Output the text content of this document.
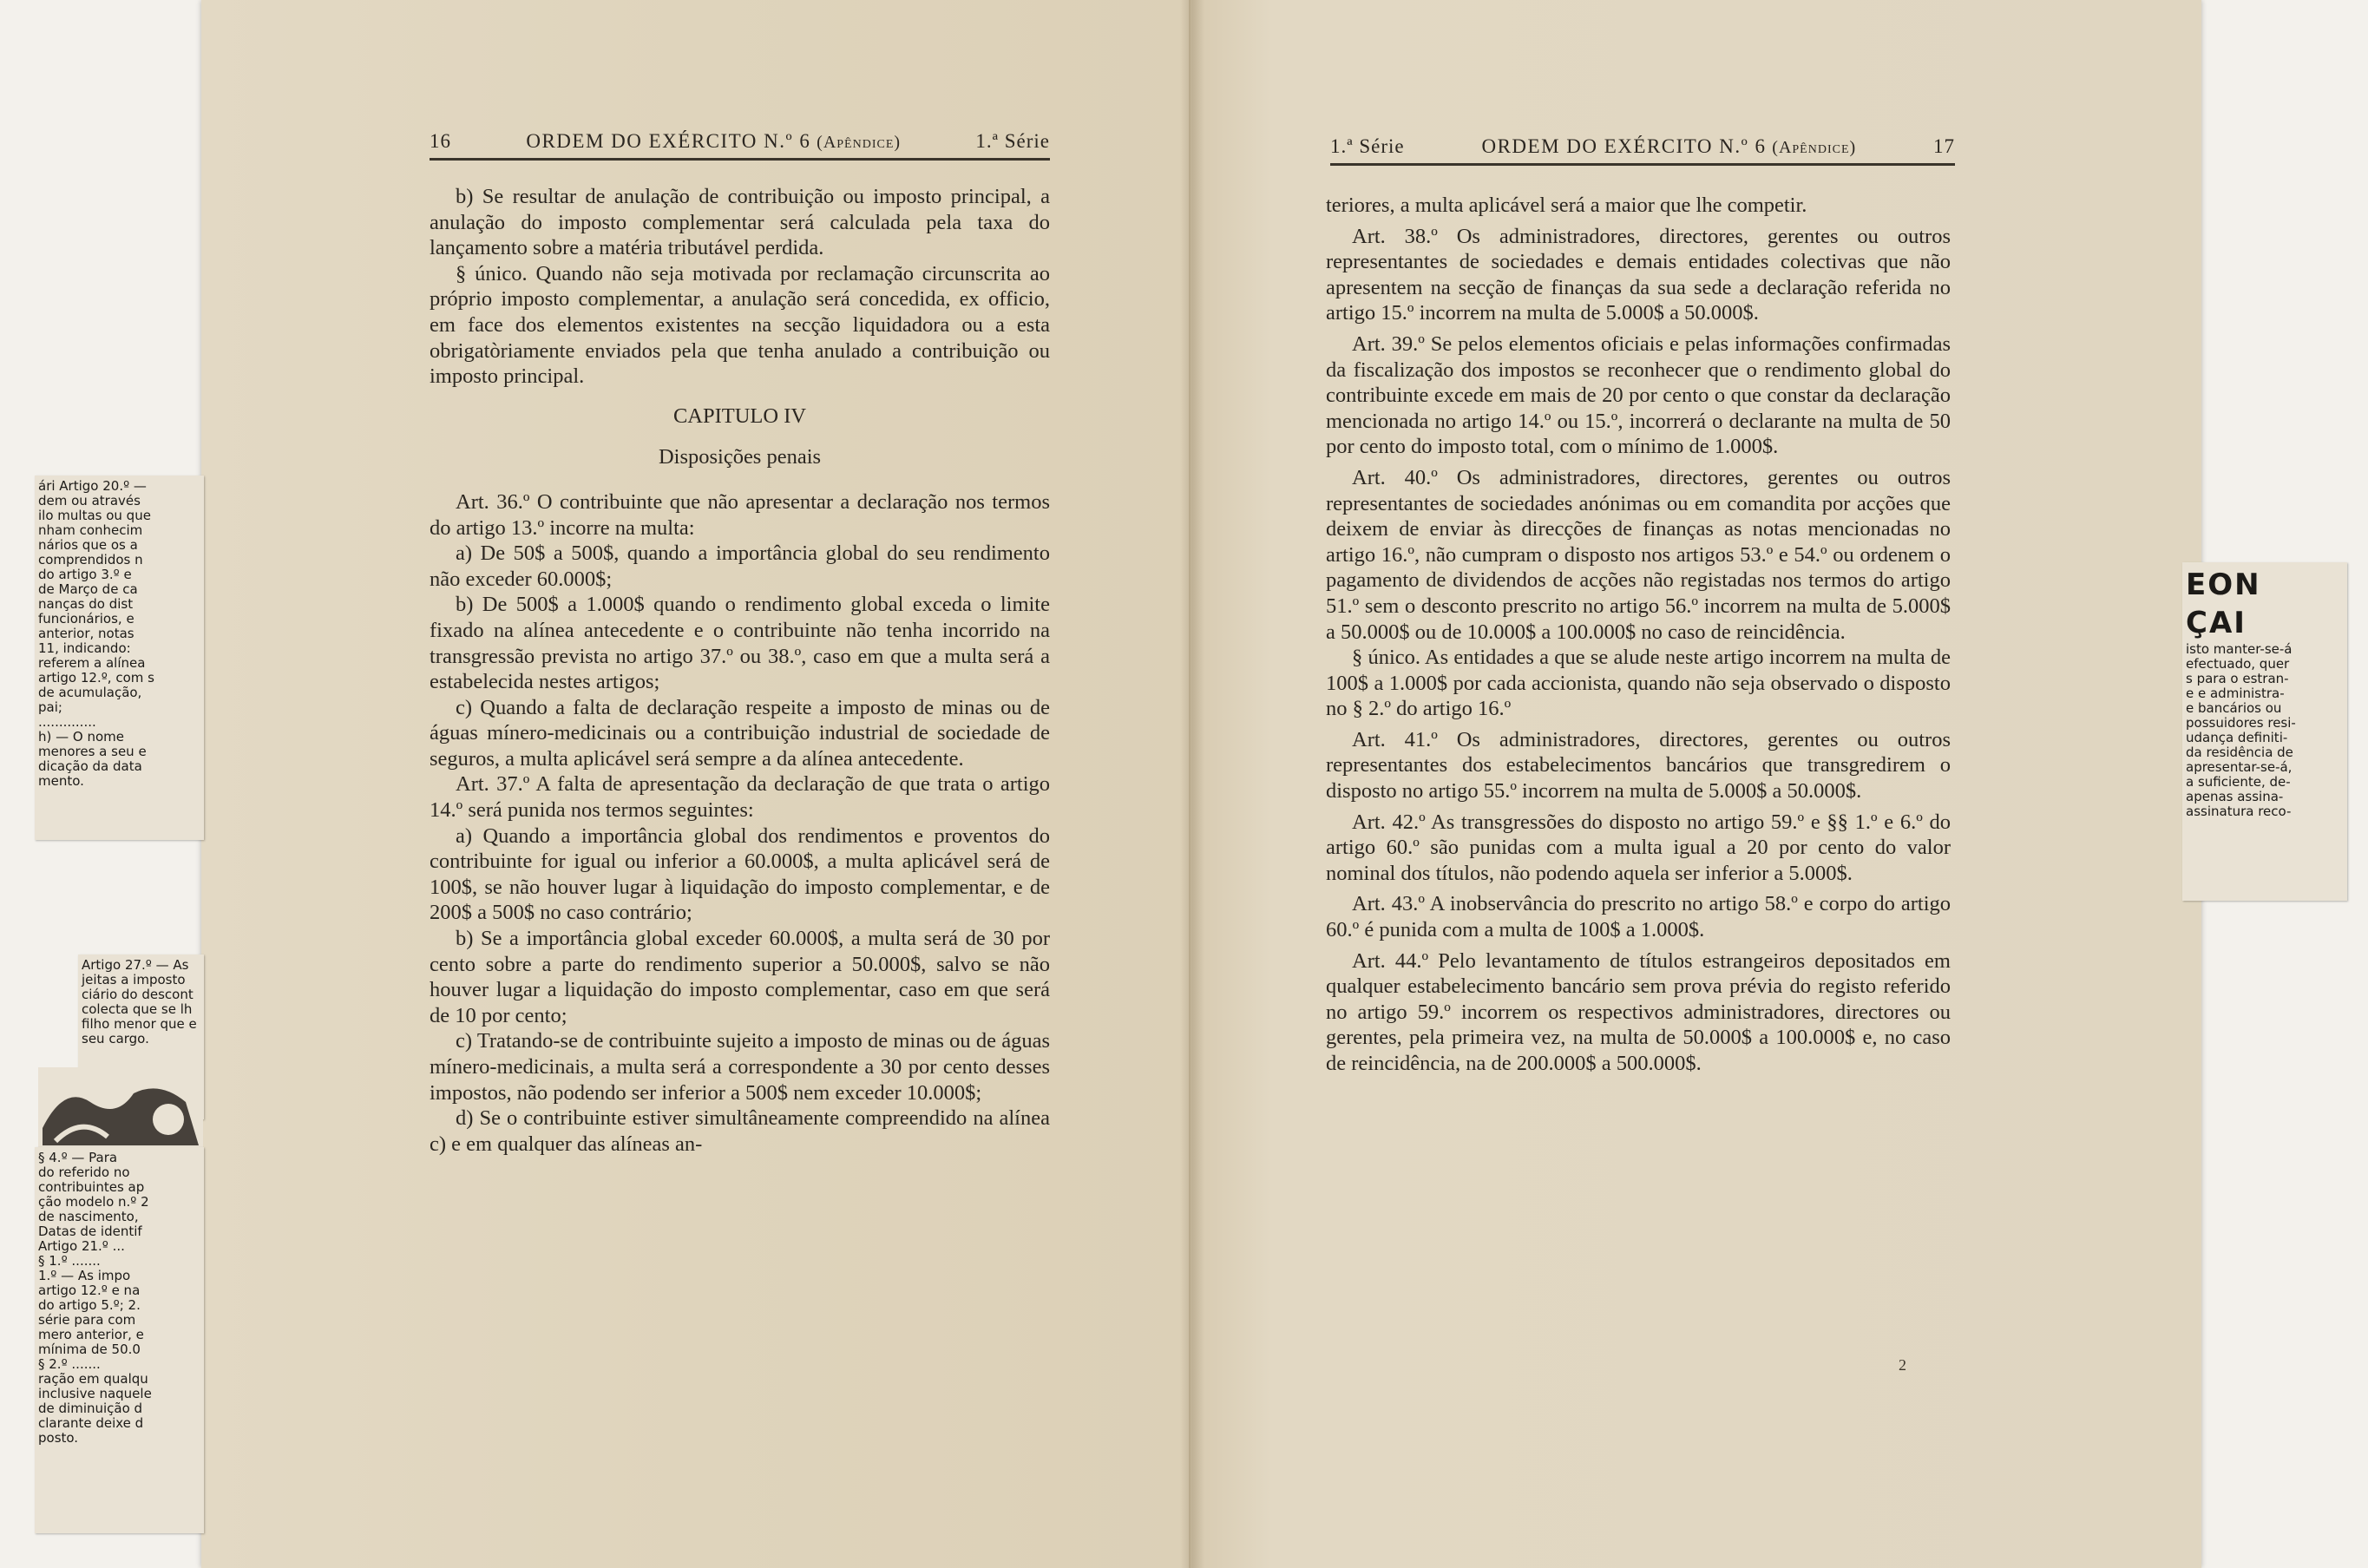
16	ORDEM DO EXÉRCITO N.º 6 (Apêndice)	1.ª Série

b) Se resultar de anulação de contribuição ou imposto principal, a anulação do imposto complementar será calculada pela taxa do lançamento sobre a matéria tributável perdida.

§ único. Quando não seja motivada por reclamação circunscrita ao próprio imposto complementar, a anulação será concedida, ex officio, em face dos elementos existentes na secção liquidadora ou a esta obrigatòriamente enviados pela que tenha anulado a contribuição ou imposto principal.

CAPITULO IV
Disposições penais

Art. 36.º O contribuinte que não apresentar a declaração nos termos do artigo 13.º incorre na multa:

a) De 50$ a 500$, quando a importância global do seu rendimento não exceder 60.000$;

b) De 500$ a 1.000$ quando o rendimento global exceda o limite fixado na alínea antecedente e o contribuinte não tenha incorrido na transgressão prevista no artigo 37.º ou 38.º, caso em que a multa será a estabelecida nestes artigos;

c) Quando a falta de declaração respeite a imposto de minas ou de águas mínero-medicinais ou a contribuição industrial de sociedade de seguros, a multa aplicável será sempre a da alínea antecedente.

Art. 37.º A falta de apresentação da declaração de que trata o artigo 14.º será punida nos termos seguintes:

a) Quando a importância global dos rendimentos e proventos do contribuinte for igual ou inferior a 60.000$, a multa aplicável será de 100$, se não houver lugar à liquidação do imposto complementar, e de 200$ a 500$ no caso contrário;

b) Se a importância global exceder 60.000$, a multa será de 30 por cento sobre a parte do rendimento superior a 50.000$, salvo se não houver lugar a liquidação do imposto complementar, caso em que será de 10 por cento;

c) Tratando-se de contribuinte sujeito a imposto de minas ou de águas mínero-medicinais, a multa será a correspondente a 30 por cento desses impostos, não podendo ser inferior a 500$ nem exceder 10.000$;

d) Se o contribuinte estiver simultâneamente compreendido na alínea c) e em qualquer das alíneas an-

1.ª Série	ORDEM DO EXÉRCITO N.º 6 (Apêndice)	17

teriores, a multa aplicável será a maior que lhe competir.

Art. 38.º Os administradores, directores, gerentes ou outros representantes de sociedades e demais entidades colectivas que não apresentem na secção de finanças da sua sede a declaração referida no artigo 15.º incorrem na multa de 5.000$ a 50.000$.

Art. 39.º Se pelos elementos oficiais e pelas informações confirmadas da fiscalização dos impostos se reconhecer que o rendimento global do contribuinte excede em mais de 20 por cento o que constar da declaração mencionada no artigo 14.º ou 15.º, incorrerá o declarante na multa de 50 por cento do imposto total, com o mínimo de 1.000$.

Art. 40.º Os administradores, directores, gerentes ou outros representantes de sociedades anónimas ou em comandita por acções que deixem de enviar às direcções de finanças as notas mencionadas no artigo 16.º, não cumpram o disposto nos artigos 53.º e 54.º ou ordenem o pagamento de dividendos de acções não registadas nos termos do artigo 51.º sem o desconto prescrito no artigo 56.º incorrem na multa de 5.000$ a 50.000$ ou de 10.000$ a 100.000$ no caso de reincidência.

§ único. As entidades a que se alude neste artigo incorrem na multa de 100$ a 1.000$ por cada accionista, quando não seja observado o disposto no § 2.º do artigo 16.º

Art. 41.º Os administradores, directores, gerentes ou outros representantes dos estabelecimentos bancários que transgredirem o disposto no artigo 55.º incorrem na multa de 5.000$ a 50.000$.

Art. 42.º As transgressões do disposto no artigo 59.º e §§ 1.º e 6.º do artigo 60.º são punidas com a multa igual a 20 por cento do valor nominal dos títulos, não podendo aquela ser inferior a 5.000$.

Art. 43.º A inobservância do prescrito no artigo 58.º e corpo do artigo 60.º é punida com a multa de 100$ a 1.000$.

Art. 44.º Pelo levantamento de títulos estrangeiros depositados em qualquer estabelecimento bancário sem prova prévia do registo referido no artigo 59.º incorrem os respectivos administradores, directores ou gerentes, pela primeira vez, na multa de 50.000$ a 100.000$ e, no caso de reincidência, na de 200.000$ a 500.000$.

2
ári Artigo 20.º —
dem ou através
ilo multas ou que
nham conhecim
nários que os a
comprendidos n
do artigo 3.º e
de Março de ca
nanças do dist
funcionários, e
anterior, notas
11, indicando:
referem a alínea
artigo 12.º, com s
de acumulação,
pai;
..............
h) — O nome
menores a seu e
dicação da data
mento.
Artigo 27.º — As
jeitas a imposto
ciário do descont
colecta que se lh
filho menor que e
seu cargo.
§ 4.º — Para
do referido no
contribuintes ap
ção modelo n.º 2
de nascimento,
Datas de identif
Artigo 21.º ...
§ 1.º .......
1.º — As impo
artigo 12.º e na
do artigo 5.º; 2.
série para com
mero anterior, e
mínima de 50.0
§ 2.º .......
ração em qualqu
inclusive naquele
de diminuição d
clarante deixe d
posto.
EON
ÇAI
isto manter-se-á
efectuado, quer
s para o estran-
e e administra-
e bancários ou
possuidores resi-
udança definiti-
da residência de
apresentar-se-á,
a suficiente, de-
apenas assina-
assinatura reco-
